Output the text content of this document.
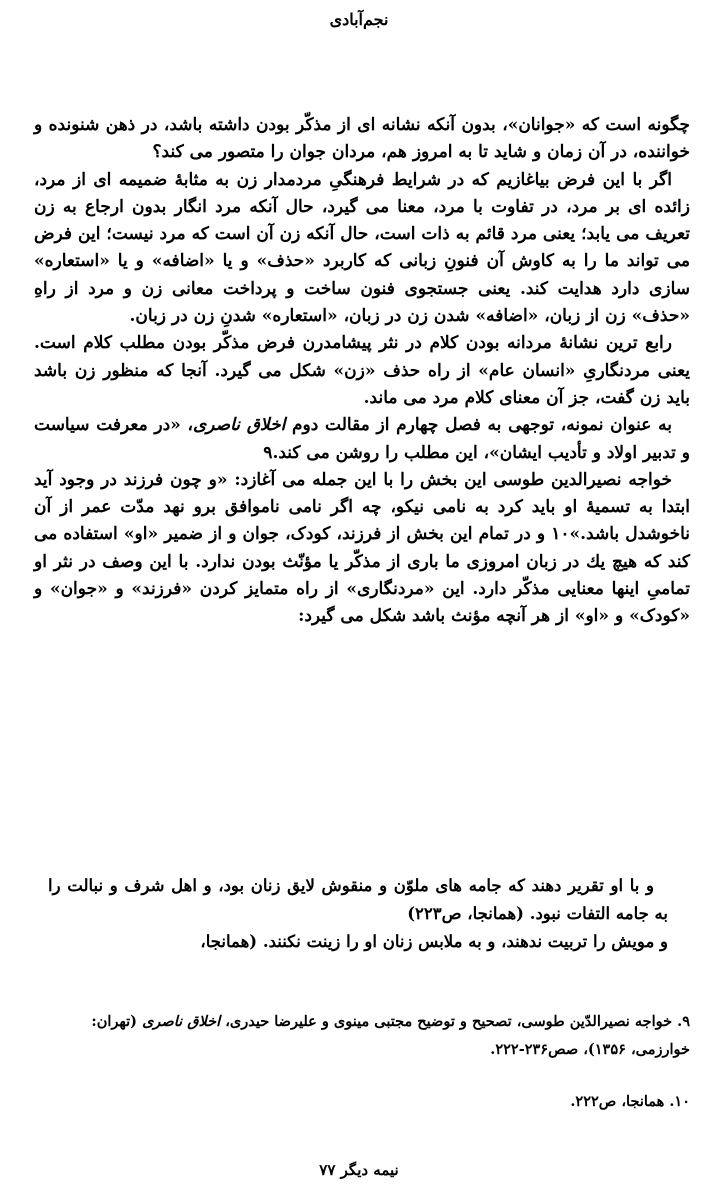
نجم‌آبادی

چگونه است که «جوانان»، بدون آنکه نشانه ای از مذکّر بودن داشته باشد، در ذهن شنونده و خواننده، در آن زمان و شاید تا به امروز هم، مردان جوان را متصور می کند؟

اگر با این فرض بیاغازیم که در شرایط فرهنگیِ مردمدار زن به مثابهٔ ضمیمه ای از مرد، زائده ای بر مرد، در تفاوت با مرد، معنا می گیرد، حال آنکه مرد انگار بدون ارجاع به زن تعریف می یابد؛ یعنی مرد قائم به ذات است، حال آنکه زن آن است که مرد نیست؛ این فرض می تواند ما را به کاوش آن فنونِ زبانی که کاربرد «حذف» و یا «اضافه» و یا «استعاره» سازی دارد هدایت کند. یعنی جستجوی فنون ساخت و پرداخت معانی زن و مرد از راهِ «حذف» زن از زبان، «اضافه» شدن زن در زبان، «استعاره» شدنِ زن در زبان.

رابع ترین نشانهٔ مردانه بودن کلام در نثر پیشامدرن فرض مذکّر بودن مطلب کلام است. یعنی مردنگاریِ «انسان عام» از راه حذف «زن» شکل می گیرد. آنجا که منظور زن باشد باید زن گفت، جز آن معنای کلام مرد می ماند.

به عنوان نمونه، توجهی به فصل چهارم از مقالت دوم اخلاق ناصری، «در معرفت سیاست و تدبیر اولاد و تأدیب ایشان»، این مطلب را روشن می کند.۹

خواجه نصیرالدین طوسی این بخش را با این جمله می آغازد: «و چون فرزند در وجود آید ابتدا به تسمیهٔ او باید کرد به نامی نیکو، چه اگر نامی ناموافق برو نهد مدّت عمر از آن ناخوشدل باشد.»۱۰ و در تمام این بخش از فرزند، کودک، جوان و از ضمیر «او» استفاده می کند که هیچ یك در زبان امروزی ما باری از مذکّر یا مؤنّث بودن ندارد. با این وصف در نثر او تمامیِ اینها معنایی مذکّر دارد. این «مردنگاری» از راه متمایز کردن «فرزند» و «جوان» و «کودک» و «او» از هر آنچه مؤنث باشد شکل می گیرد:

و با او تقریر دهند که جامه های ملوّن و منقوش لایق زنان بود، و اهل شرف و نبالت را به جامه التفات نبود. (همانجا، ص۲۲۳)

و مویش را تربیت ندهند، و به ملابس زنان او را زینت نکنند. (همانجا،

۹. خواجه نصیرالدّین طوسی، تصحیح و توضیح مجتبی مینوی و علیرضا حیدری، اخلاق ناصری (تهران: خوارزمی، ۱۳۵۶)، صص۲۳۶-۲۲۲.

۱۰. همانجا، ص۲۲۲.

نیمه دیگر ۷۷
